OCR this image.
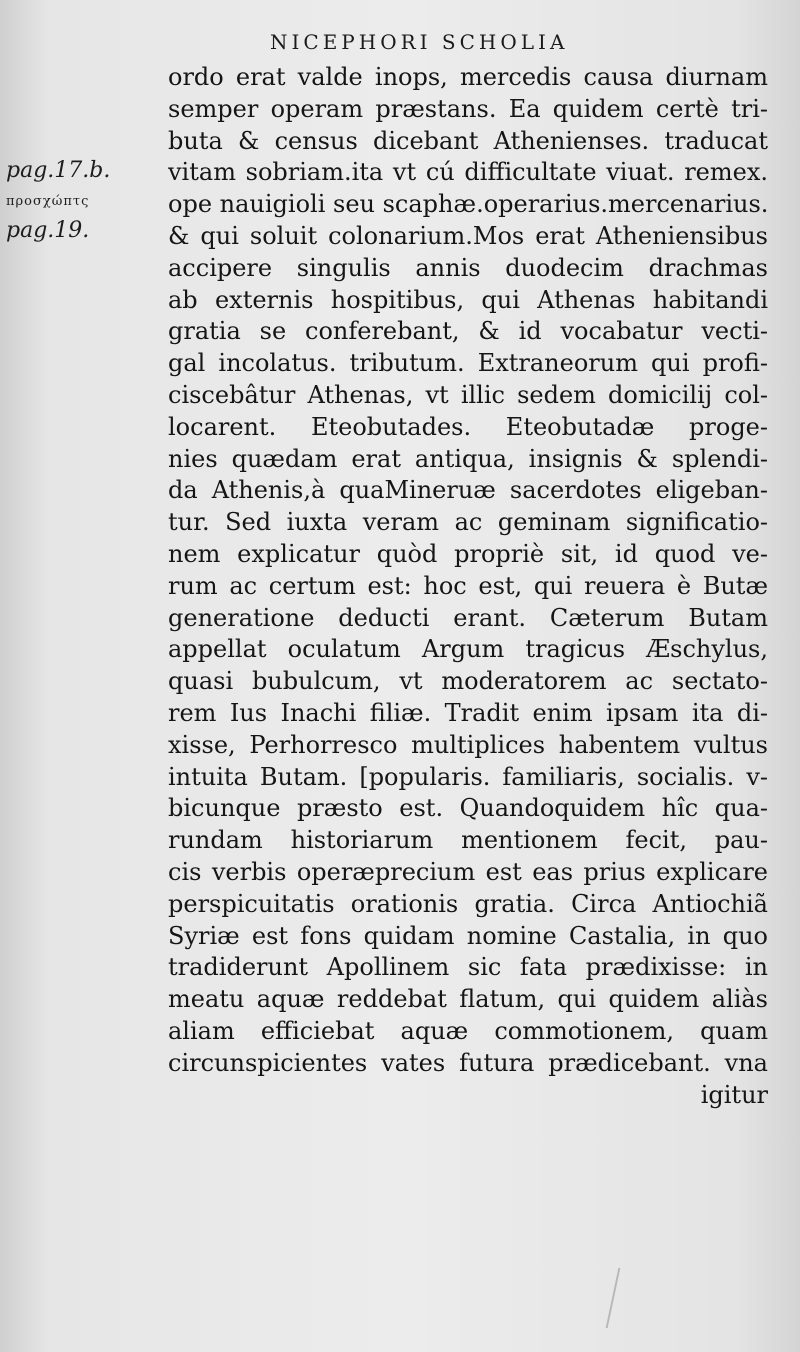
NICEPHORI SCHOLIA
pag.17.b.
προσχώπτς
pag.19.
ordo erat valde inops, mercedis causa diurnam
semper operam præstans. Ea quidem certè tri-
buta & census dicebant Athenienses. traducat
vitam sobriam.ita vt cú difficultate viuat. remex.
ope nauigioli seu scaphæ.operarius.mercenarius.
& qui soluit colonarium.Mos erat Atheniensibus
accipere singulis annis duodecim drachmas
ab externis hospitibus, qui Athenas habitandi
gratia se conferebant, & id vocabatur vecti-
gal incolatus. tributum. Extraneorum qui profi-
ciscebâtur Athenas, vt illic sedem domicilij col-
locarent. Eteobutades. Eteobutadæ proge-
nies quædam erat antiqua, insignis & splendi-
da Athenis,à quaMineruæ sacerdotes eligeban-
tur. Sed iuxta veram ac geminam significatio-
nem explicatur quòd propriè sit, id quod ve-
rum ac certum est: hoc est, qui reuera è Butæ
generatione deducti erant. Cæterum Butam
appellat oculatum Argum tragicus Æschylus,
quasi bubulcum, vt moderatorem ac sectato-
rem Ius Inachi filiæ. Tradit enim ipsam ita di-
xisse, Perhorresco multiplices habentem vultus
intuita Butam. [popularis. familiaris, socialis. v-
bicunque præsto est. Quandoquidem hîc qua-
rundam historiarum mentionem fecit, pau-
cis verbis operæprecium est eas prius explicare
perspicuitatis orationis gratia. Circa Antiochiã
Syriæ est fons quidam nomine Castalia, in quo
tradiderunt Apollinem sic fata prædixisse: in
meatu aquæ reddebat flatum, qui quidem aliàs
aliam efficiebat aquæ commotionem, quam
circunspicientes vates futura prædicebant. vna
igitur
